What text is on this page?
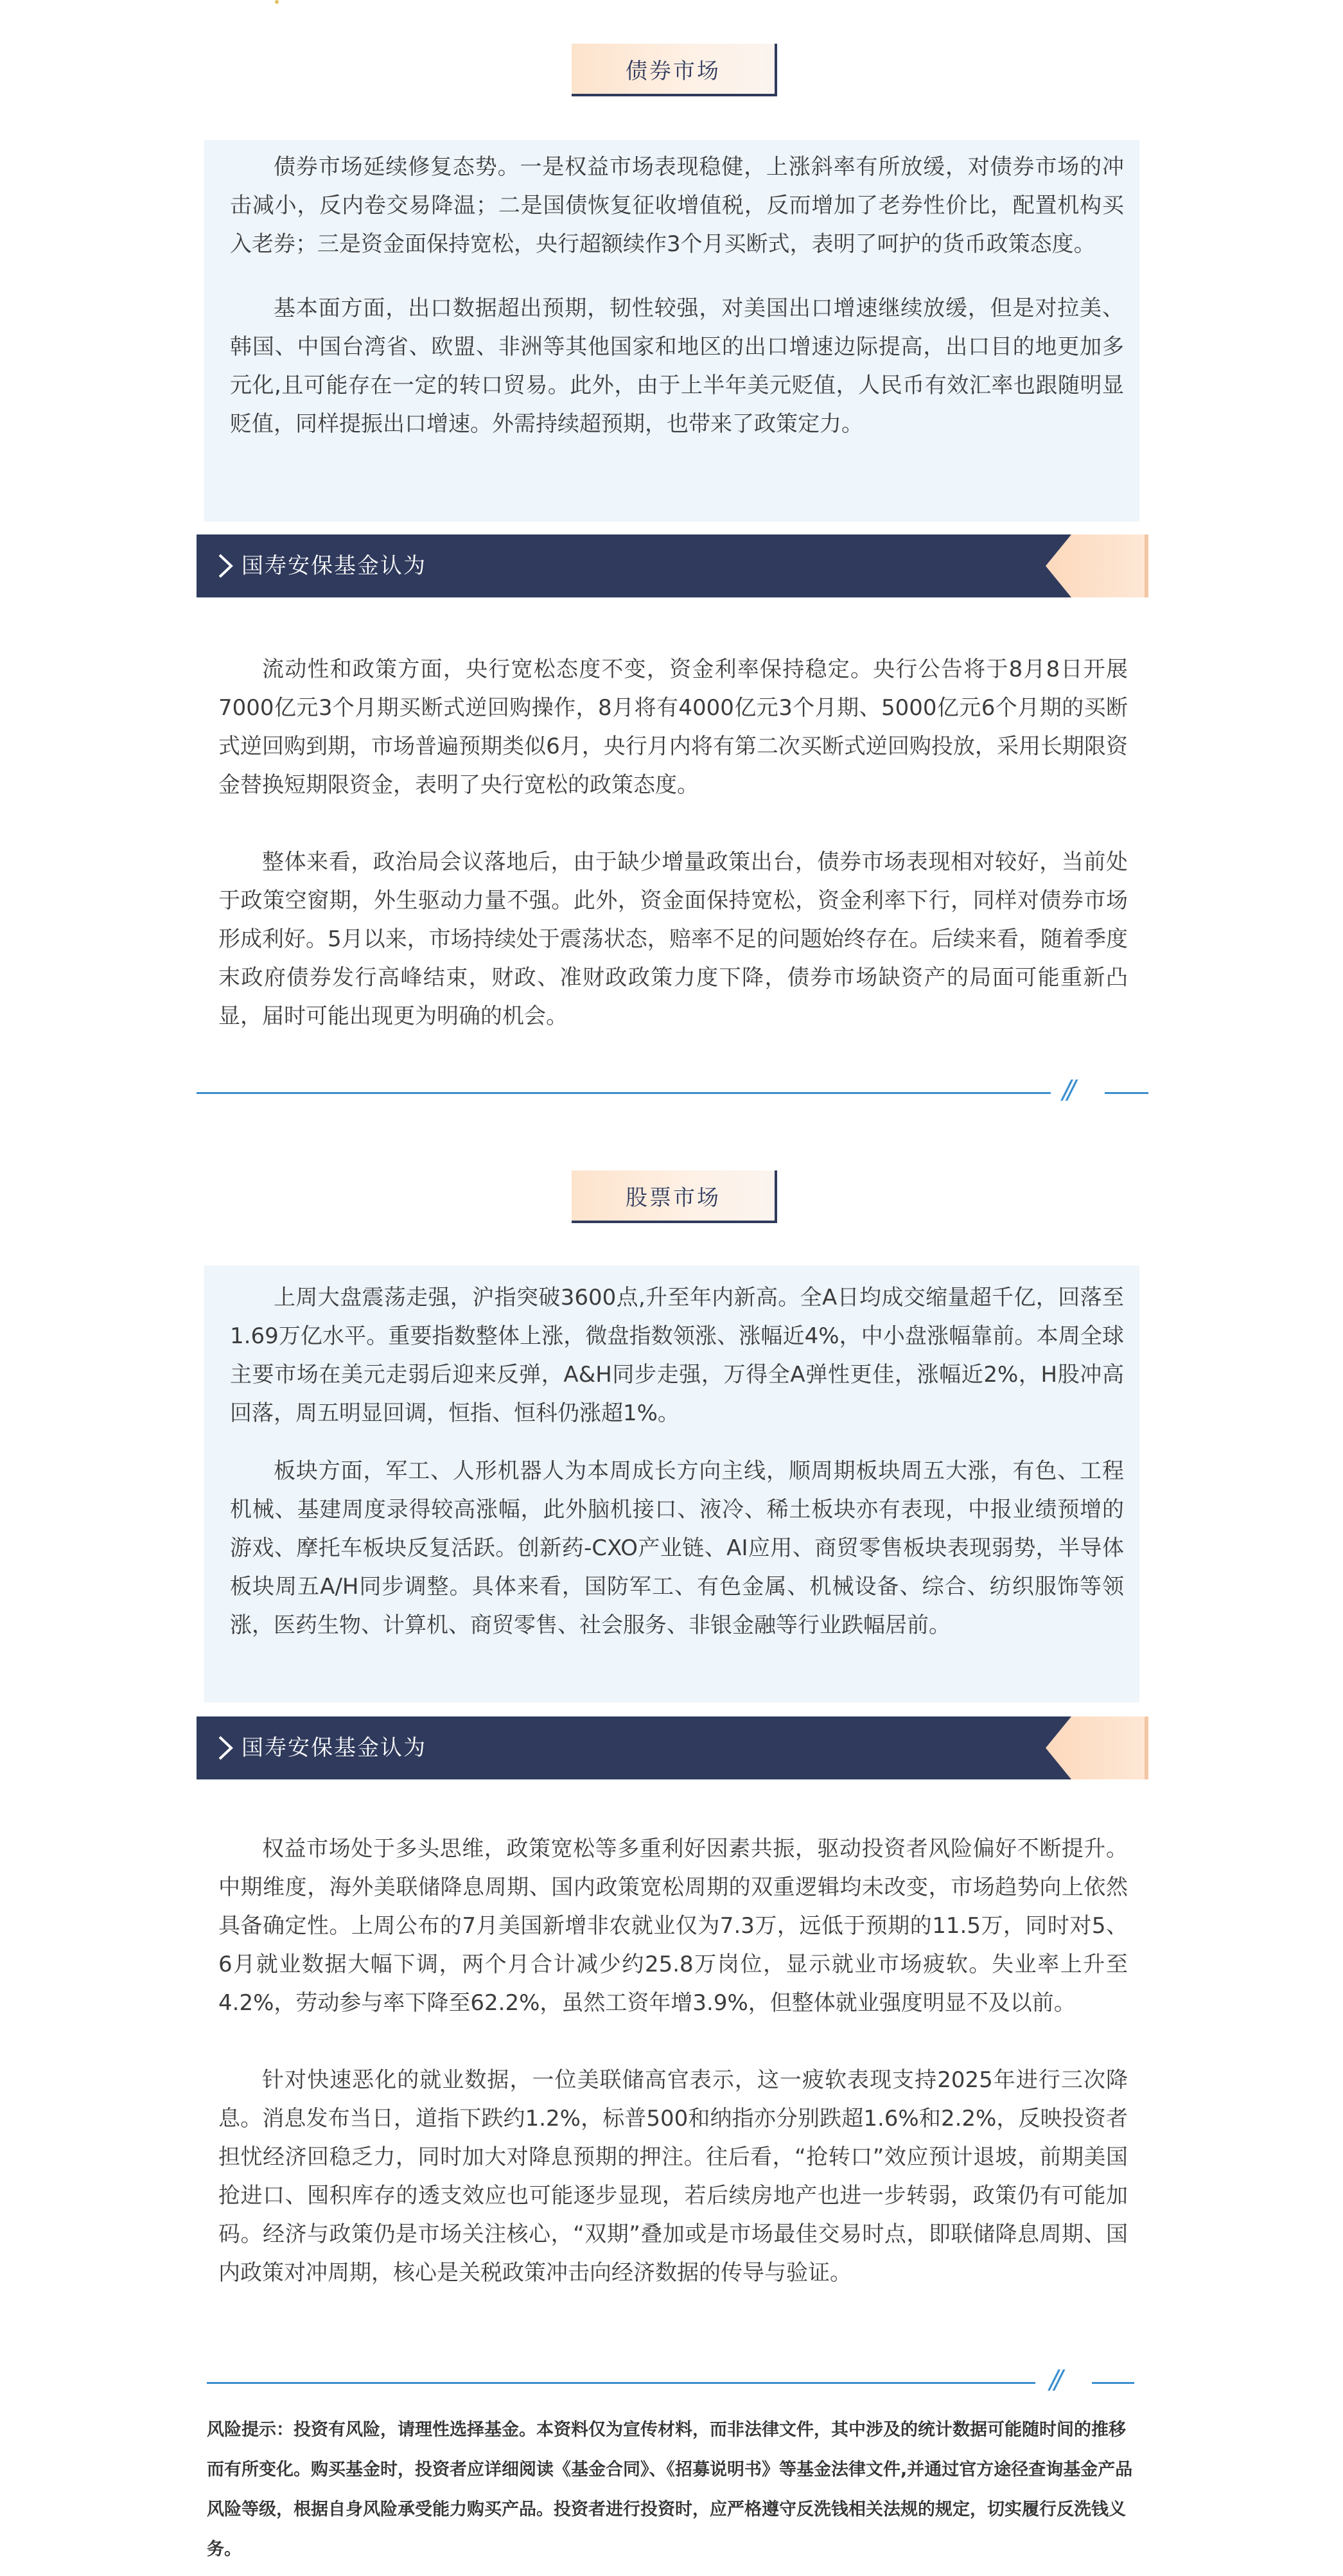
债券市场

债券市场延续修复态势。一是权益市场表现稳健，上涨斜率有所放缓，对债券市场的冲击减小，反内卷交易降温；二是国债恢复征收增值税，反而增加了老券性价比，配置机构买入老券；三是资金面保持宽松，央行超额续作3个月买断式，表明了呵护的货币政策态度。

基本面方面，出口数据超出预期，韧性较强，对美国出口增速继续放缓，但是对拉美、韩国、中国台湾省、欧盟、非洲等其他国家和地区的出口增速边际提高，出口目的地更加多元化,且可能存在一定的转口贸易。此外，由于上半年美元贬值，人民币有效汇率也跟随明显贬值，同样提振出口增速。外需持续超预期，也带来了政策定力。

国寿安保基金认为

流动性和政策方面，央行宽松态度不变，资金利率保持稳定。央行公告将于8月8日开展7000亿元3个月期买断式逆回购操作，8月将有4000亿元3个月期、5000亿元6个月期的买断式逆回购到期，市场普遍预期类似6月，央行月内将有第二次买断式逆回购投放，采用长期限资金替换短期限资金，表明了央行宽松的政策态度。

整体来看，政治局会议落地后，由于缺少增量政策出台，债券市场表现相对较好，当前处于政策空窗期，外生驱动力量不强。此外，资金面保持宽松，资金利率下行，同样对债券市场形成利好。5月以来，市场持续处于震荡状态，赔率不足的问题始终存在。后续来看，随着季度末政府债券发行高峰结束，财政、准财政政策力度下降，债券市场缺资产的局面可能重新凸显，届时可能出现更为明确的机会。

//
股票市场

上周大盘震荡走强，沪指突破3600点,升至年内新高。全A日均成交缩量超千亿，回落至1.69万亿水平。重要指数整体上涨，微盘指数领涨、涨幅近4%，中小盘涨幅靠前。本周全球主要市场在美元走弱后迎来反弹，A&H同步走强，万得全A弹性更佳，涨幅近2%，H股冲高回落，周五明显回调，恒指、恒科仍涨超1%。

板块方面，军工、人形机器人为本周成长方向主线，顺周期板块周五大涨，有色、工程机械、基建周度录得较高涨幅，此外脑机接口、液冷、稀土板块亦有表现，中报业绩预增的游戏、摩托车板块反复活跃。创新药-CXO产业链、AI应用、商贸零售板块表现弱势，半导体板块周五A/H同步调整。具体来看，国防军工、有色金属、机械设备、综合、纺织服饰等领涨，医药生物、计算机、商贸零售、社会服务、非银金融等行业跌幅居前。

国寿安保基金认为

权益市场处于多头思维，政策宽松等多重利好因素共振，驱动投资者风险偏好不断提升。中期维度，海外美联储降息周期、国内政策宽松周期的双重逻辑均未改变，市场趋势向上依然具备确定性。上周公布的7月美国新增非农就业仅为7.3万，远低于预期的11.5万，同时对5、6月就业数据大幅下调，两个月合计减少约25.8万岗位，显示就业市场疲软。失业率上升至4.2%，劳动参与率下降至62.2%，虽然工资年增3.9%，但整体就业强度明显不及以前。

针对快速恶化的就业数据，一位美联储高官表示，这一疲软表现支持2025年进行三次降息。消息发布当日，道指下跌约1.2%，标普500和纳指亦分别跌超1.6%和2.2%，反映投资者担忧经济回稳乏力，同时加大对降息预期的押注。往后看，“抢转口”效应预计退坡，前期美国抢进口、囤积库存的透支效应也可能逐步显现，若后续房地产也进一步转弱，政策仍有可能加码。经济与政策仍是市场关注核心，“双期”叠加或是市场最佳交易时点，即联储降息周期、国内政策对冲周期，核心是关税政策冲击向经济数据的传导与验证。

//

风险提示：投资有风险，请理性选择基金。本资料仅为宣传材料，而非法律文件，其中涉及的统计数据可能随时间的推移而有所变化。购买基金时，投资者应详细阅读《基金合同》、《招募说明书》等基金法律文件,并通过官方途径查询基金产品风险等级，根据自身风险承受能力购买产品。投资者进行投资时，应严格遵守反洗钱相关法规的规定，切实履行反洗钱义务。
